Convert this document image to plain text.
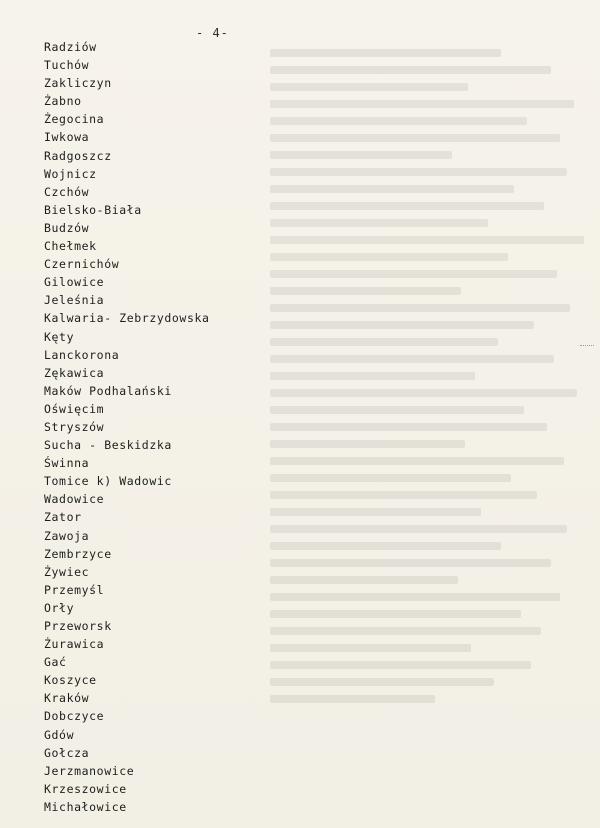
- 4-
Radziów
Tuchów
Zakliczyn
Żabno
Żegocina
Iwkowa
Radgoszcz
Wojnicz
Czchów
Bielsko-Biała
Budzów
Chełmek
Czernichów
Gilowice
Jeleśnia
Kalwaria- Zebrzydowska
Kęty
Lanckorona
Zękawica
Maków Podhalański
Oświęcim
Stryszów
Sucha - Beskidzka
Świnna
Tomice k) Wadowic
Wadowice
Zator
Zawoja
Zembrzyce
Żywiec
Przemyśl
Orły
Przeworsk
Żurawica
Gać
Koszyce
Kraków
Dobczyce
Gdów
Gołcza
Jerzmanowice
Krzeszowice
Michałowice
